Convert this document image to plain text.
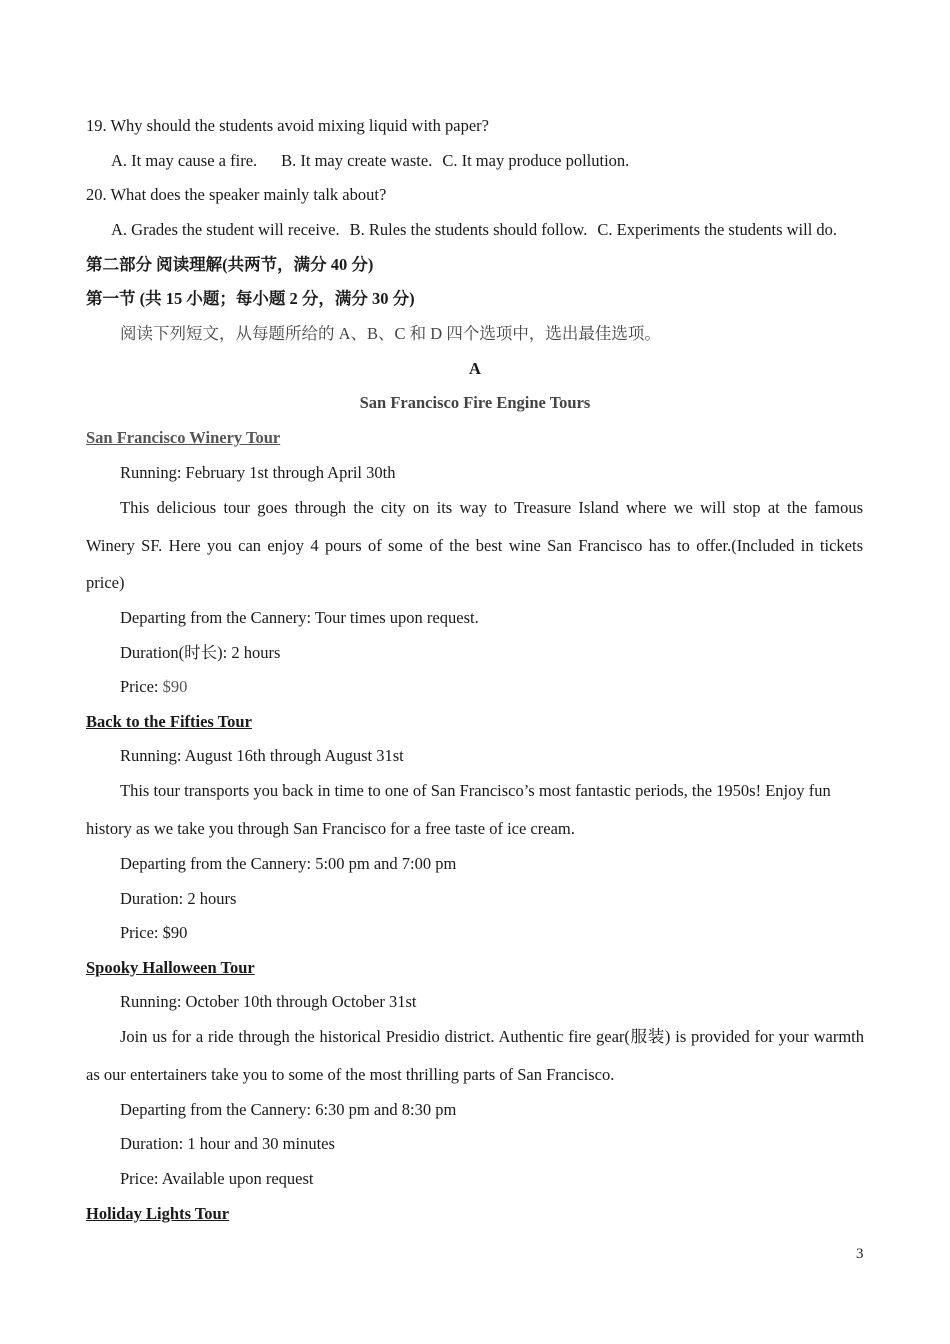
19. Why should the students avoid mixing liquid with paper?
A. It may cause a fire. B. It may create waste. C. It may produce pollution.
20. What does the speaker mainly talk about?
A. Grades the student will receive. B. Rules the students should follow. C. Experiments the students will do.
第二部分 阅读理解(共两节，满分 40 分)
第一节 (共 15 小题；每小题 2 分，满分 30 分)
阅读下列短文，从每题所给的 A、B、C 和 D 四个选项中，选出最佳选项。
A
San Francisco Fire Engine Tours
San Francisco Winery Tour
Running: February 1st through April 30th
This delicious tour goes through the city on its way to Treasure Island where we will stop at the famous
Winery SF. Here you can enjoy 4 pours of some of the best wine San Francisco has to offer.(Included in tickets
price)
Departing from the Cannery: Tour times upon request.
Duration(时长): 2 hours
Price: $90
Back to the Fifties Tour
Running: August 16th through August 31st
This tour transports you back in time to one of San Francisco’s most fantastic periods, the 1950s! Enjoy fun
history as we take you through San Francisco for a free taste of ice cream.
Departing from the Cannery: 5:00 pm and 7:00 pm
Duration: 2 hours
Price: $90
Spooky Halloween Tour
Running: October 10th through October 31st
Join us for a ride through the historical Presidio district. Authentic fire gear(服装) is provided for your warmth
as our entertainers take you to some of the most thrilling parts of San Francisco.
Departing from the Cannery: 6:30 pm and 8:30 pm
Duration: 1 hour and 30 minutes
Price: Available upon request
Holiday Lights Tour
3
